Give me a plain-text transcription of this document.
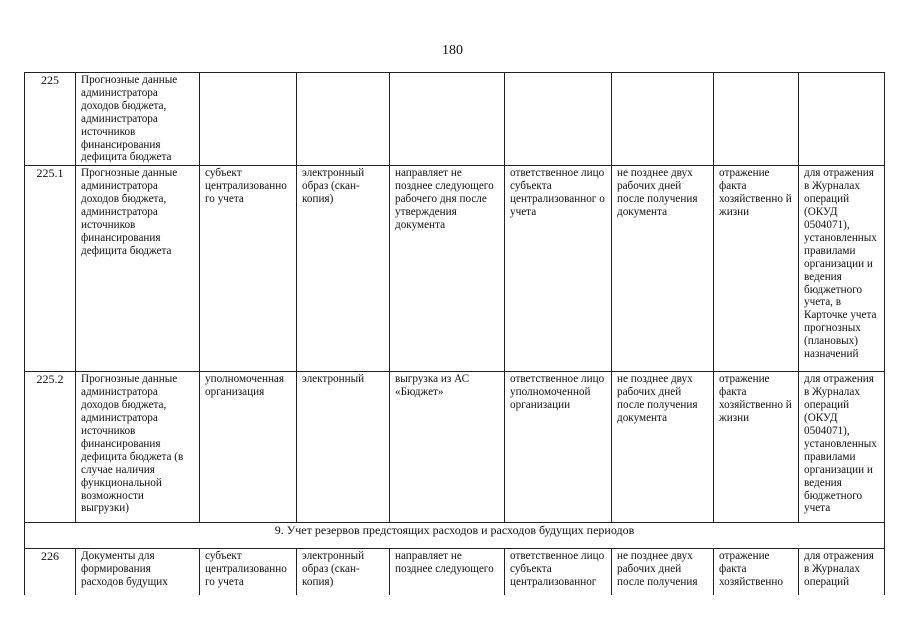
180
225	Прогнозные данные администратора доходов бюджета, администратора источников финансирования дефицита бюджета							
225.1	Прогнозные данные администратора доходов бюджета, администратора источников финансирования дефицита бюджета	субъект централизованно го учета	электронный образ (скан-копия)	направляет не позднее следующего рабочего дня после утверждения документа	ответственное лицо субъекта централизованног о учета	не позднее двух рабочих дней после получения документа	отражение факта хозяйственно й жизни	для отражения в Журналах операций (ОКУД 0504071), установленных правилами организации и ведения бюджетного учета, в Карточке учета прогнозных (плановых) назначений
225.2	Прогнозные данные администратора доходов бюджета, администратора источников финансирования дефицита бюджета (в случае наличия функциональной возможности выгрузки)	уполномоченная организация	электронный	выгрузка из АС «Бюджет»	ответственное лицо уполномоченной организации	не позднее двух рабочих дней после получения документа	отражение факта хозяйственно й жизни	для отражения в Журналах операций (ОКУД 0504071), установленных правилами организации и ведения бюджетного учета
9. Учет резервов предстоящих расходов и расходов будущих периодов								
226	Документы для формирования расходов будущих	субъект централизованно го учета	электронный образ (скан-копия)	направляет не позднее следующего	ответственное лицо субъекта централизованног	не позднее двух рабочих дней после получения	отражение факта хозяйственно	для отражения в Журналах операций
